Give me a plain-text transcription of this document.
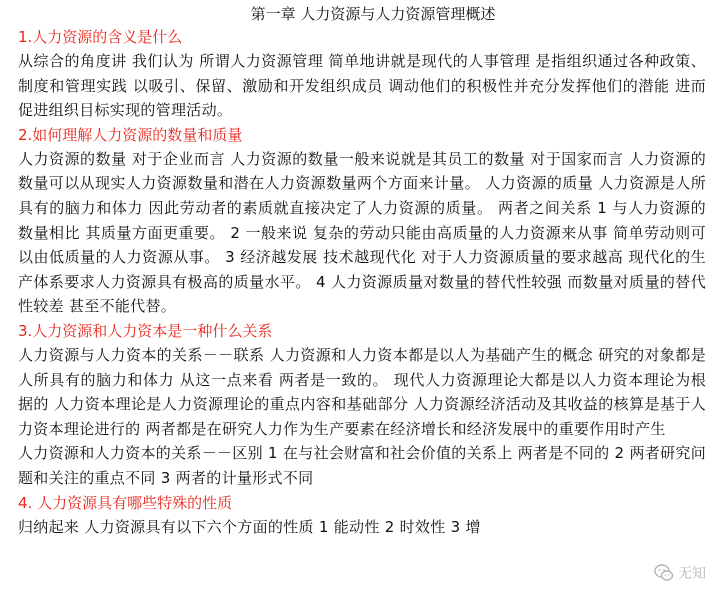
第一章 人力资源与人力资源管理概述
1.人力资源的含义是什么

从综合的角度讲 我们认为 所谓人力资源管理 简单地讲就是现代的人事管理 是指组织通过各种政策、制度和管理实践 以吸引、保留、激励和开发组织成员 调动他们的积极性并充分发挥他们的潜能 进而促进组织目标实现的管理活动。

2.如何理解人力资源的数量和质量

人力资源的数量 对于企业而言 人力资源的数量一般来说就是其员工的数量 对于国家而言 人力资源的数量可以从现实人力资源数量和潜在人力资源数量两个方面来计量。 人力资源的质量 人力资源是人所具有的脑力和体力 因此劳动者的素质就直接决定了人力资源的质量。 两者之间关系 1 与人力资源的数量相比 其质量方面更重要。 2 一般来说 复杂的劳动只能由高质量的人力资源来从事 简单劳动则可以由低质量的人力资源从事。 3 经济越发展 技术越现代化 对于人力资源质量的要求越高 现代化的生产体系要求人力资源具有极高的质量水平。 4 人力资源质量对数量的替代性较强 而数量对质量的替代性较差 甚至不能代替。

3.人力资源和人力资本是一种什么关系

人力资源与人力资本的关系－－联系 人力资源和人力资本都是以人为基础产生的概念 研究的对象都是人所具有的脑力和体力 从这一点来看 两者是一致的。 现代人力资源理论大都是以人力资本理论为根据的 人力资本理论是人力资源理论的重点内容和基础部分 人力资源经济活动及其收益的核算是基于人力资本理论进行的 两者都是在研究人力作为生产要素在经济增长和经济发展中的重要作用时产生

人力资源和人力资本的关系－－区别 1 在与社会财富和社会价值的关系上 两者是不同的 2 两者研究问题和关注的重点不同 3 两者的计量形式不同

4. 人力资源具有哪些特殊的性质

归纳起来 人力资源具有以下六个方面的性质 1 能动性 2 时效性 3 增

无知
